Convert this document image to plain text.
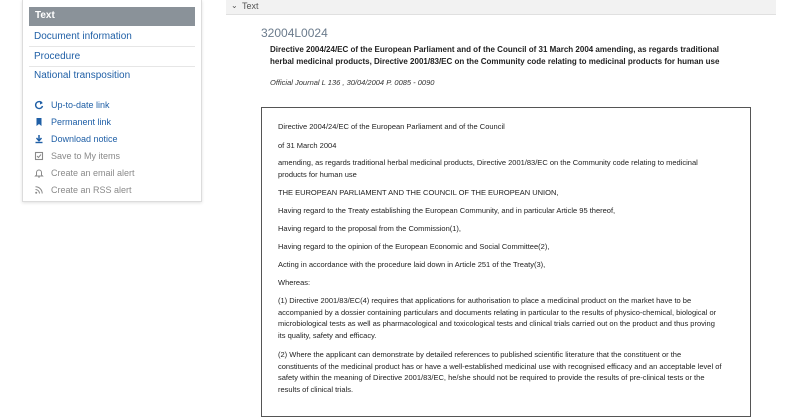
Text
Document information
Procedure
National transposition
Up-to-date link
Permanent link
Download notice
Save to My items
Create an email alert
Create an RSS alert
⌄ Text
32004L0024
Directive 2004/24/EC of the European Parliament and of the Council of 31 March 2004 amending, as regards traditional herbal medicinal products, Directive 2001/83/EC on the Community code relating to medicinal products for human use
Official Journal L 136 , 30/04/2004 P. 0085 - 0090

Directive 2004/24/EC of the European Parliament and of the Council

of 31 March 2004

amending, as regards traditional herbal medicinal products, Directive 2001/83/EC on the Community code relating to medicinal products for human use

THE EUROPEAN PARLIAMENT AND THE COUNCIL OF THE EUROPEAN UNION,

Having regard to the Treaty establishing the European Community, and in particular Article 95 thereof,

Having regard to the proposal from the Commission(1),

Having regard to the opinion of the European Economic and Social Committee(2),

Acting in accordance with the procedure laid down in Article 251 of the Treaty(3),

Whereas:

(1) Directive 2001/83/EC(4) requires that applications for authorisation to place a medicinal product on the market have to be accompanied by a dossier containing particulars and documents relating in particular to the results of physico-chemical, biological or microbiological tests as well as pharmacological and toxicological tests and clinical trials carried out on the product and thus proving its quality, safety and efficacy.

(2) Where the applicant can demonstrate by detailed references to published scientific literature that the constituent or the constituents of the medicinal product has or have a well-established medicinal use with recognised efficacy and an acceptable level of safety within the meaning of Directive 2001/83/EC, he/she should not be required to provide the results of pre-clinical tests or the results of clinical trials.
